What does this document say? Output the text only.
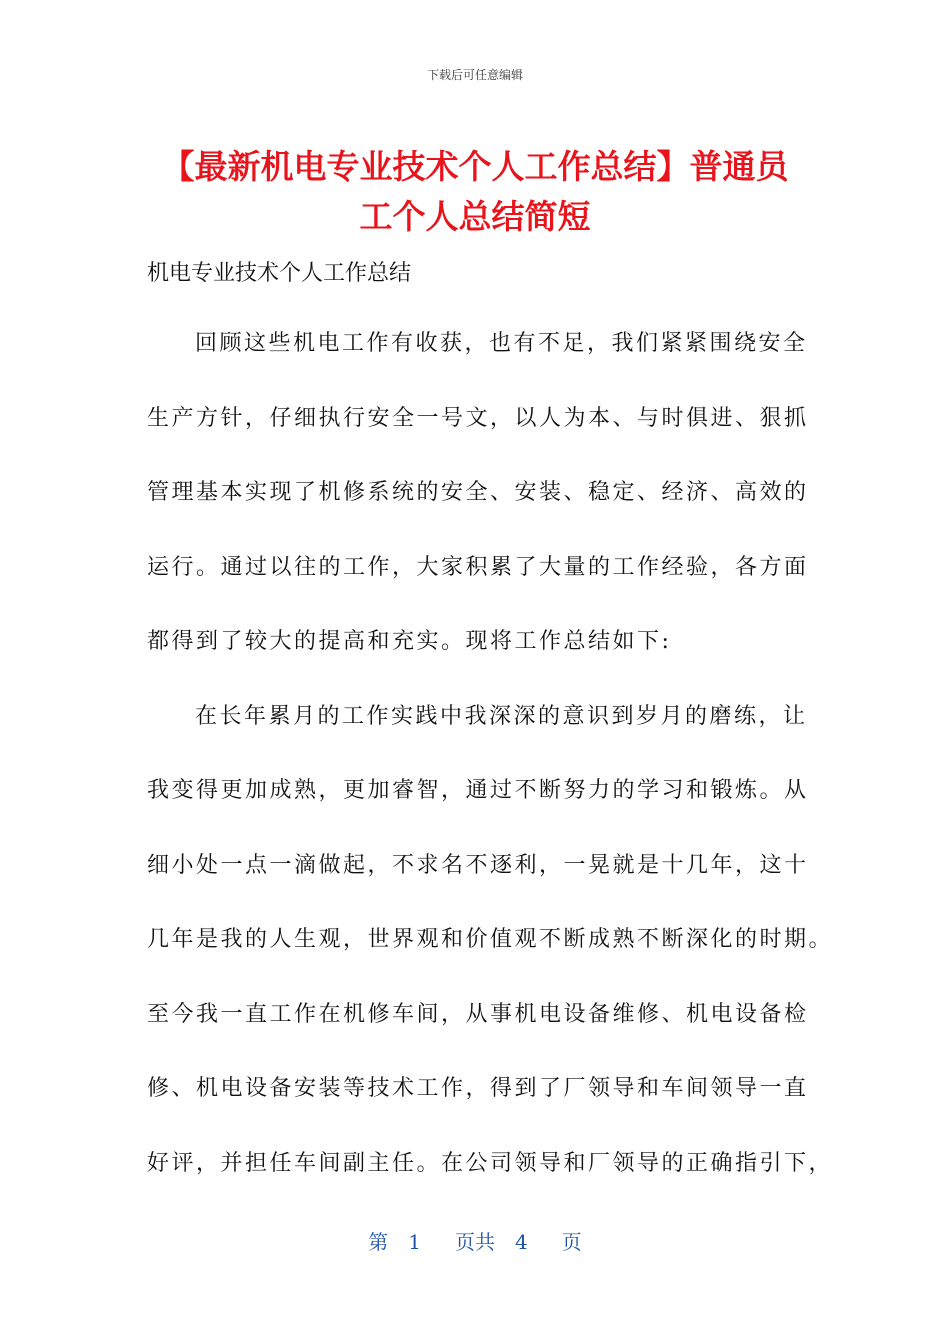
下载后可任意编辑
【最新机电专业技术个人工作总结】普通员
工个人总结简短
机电专业技术个人工作总结
回顾这些机电工作有收获，也有不足，我们紧紧围绕安全
生产方针，仔细执行安全一号文，以人为本、与时俱进、狠抓
管理基本实现了机修系统的安全、安装、稳定、经济、高效的
运行。通过以往的工作，大家积累了大量的工作经验，各方面
都得到了较大的提高和充实。现将工作总结如下:
在长年累月的工作实践中我深深的意识到岁月的磨练，让
我变得更加成熟，更加睿智，通过不断努力的学习和锻炼。从
细小处一点一滴做起，不求名不逐利，一晃就是十几年，这十
几年是我的人生观，世界观和价值观不断成熟不断深化的时期。
至今我一直工作在机修车间，从事机电设备维修、机电设备检
修、机电设备安装等技术工作，得到了厂领导和车间领导一直
好评，并担任车间副主任。在公司领导和厂领导的正确指引下，
第 1 页共 4 页
